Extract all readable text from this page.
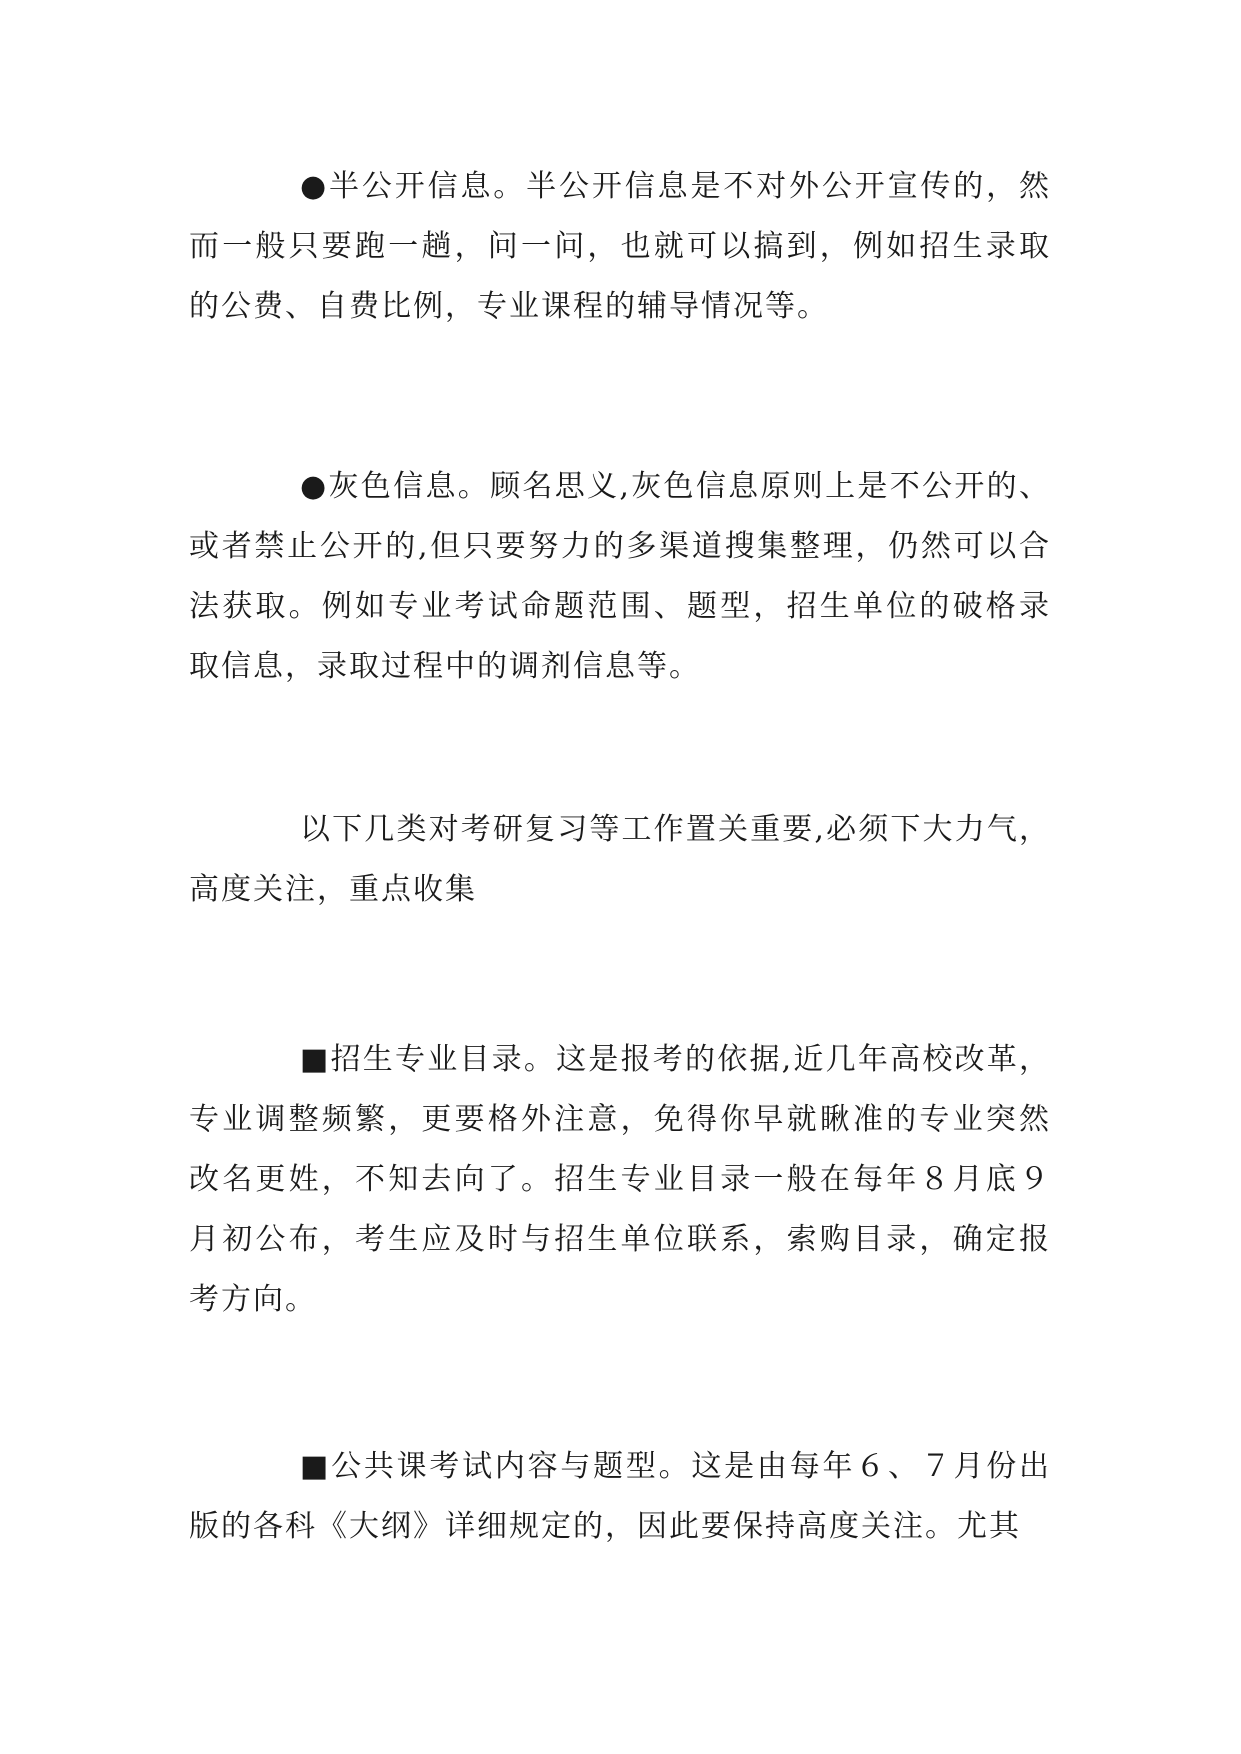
●半公开信息。半公开信息是不对外公开宣传的，然而一般只要跑一趟，问一问，也就可以搞到，例如招生录取的公费、自费比例，专业课程的辅导情况等。

●灰色信息。顾名思义,灰色信息原则上是不公开的、或者禁止公开的,但只要努力的多渠道搜集整理，仍然可以合法获取。例如专业考试命题范围、题型，招生单位的破格录取信息，录取过程中的调剂信息等。

以下几类对考研复习等工作置关重要,必须下大力气，高度关注，重点收集

■招生专业目录。这是报考的依据,近几年高校改革，专业调整频繁，更要格外注意，免得你早就瞅准的专业突然改名更姓，不知去向了。招生专业目录一般在每年８月底９月初公布，考生应及时与招生单位联系，索购目录，确定报考方向。

■公共课考试内容与题型。这是由每年６、７月份出版的各科《大纲》详细规定的，因此要保持高度关注。尤其
